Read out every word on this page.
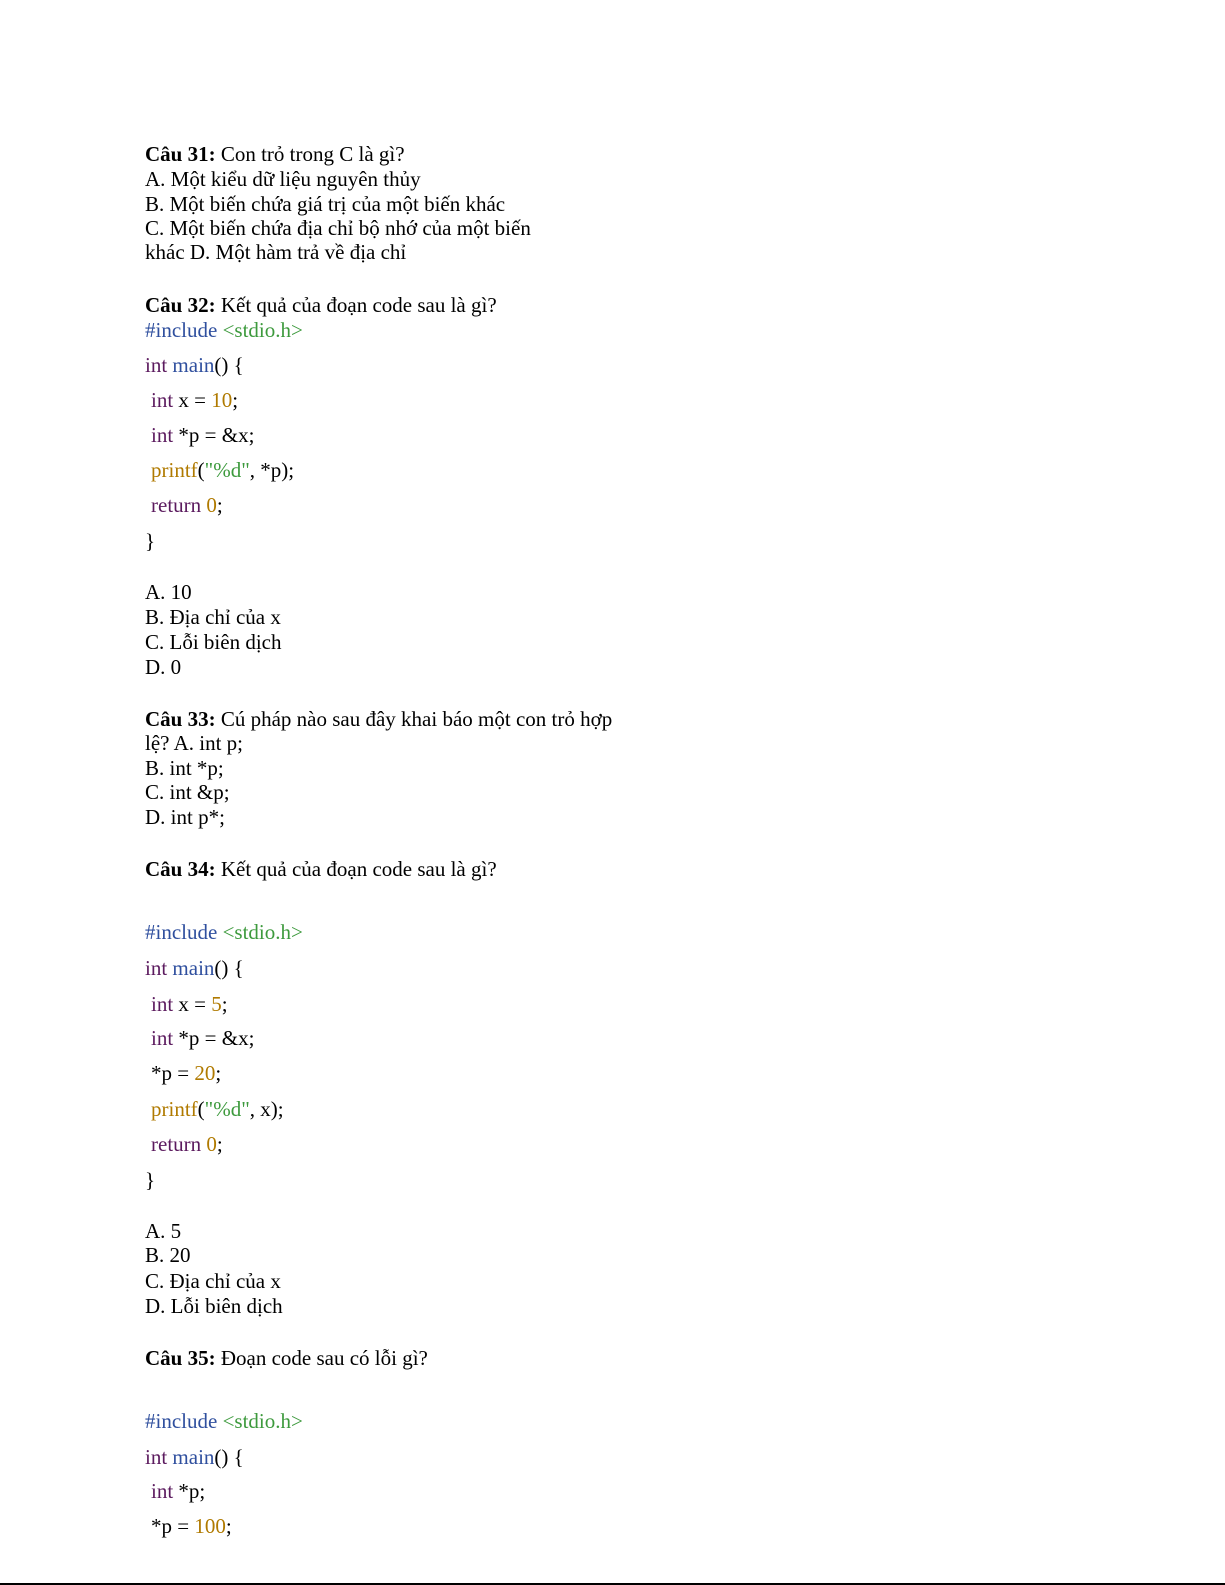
Câu 31: Con trỏ trong C là gì?
A. Một kiểu dữ liệu nguyên thủy
B. Một biến chứa giá trị của một biến khác
C. Một biến chứa địa chỉ bộ nhớ của một biến
khác D. Một hàm trả về địa chỉ
Câu 32: Kết quả của đoạn code sau là gì?
#include <stdio.h>
int main() {
int x = 10;
int *p = &x;
printf("%d", *p);
return 0;
}
A. 10
B. Địa chỉ của x
C. Lỗi biên dịch
D. 0
Câu 33: Cú pháp nào sau đây khai báo một con trỏ hợp
lệ? A. int p;
B. int *p;
C. int &p;
D. int p*;
Câu 34: Kết quả của đoạn code sau là gì?
#include <stdio.h>
int main() {
int x = 5;
int *p = &x;
*p = 20;
printf("%d", x);
return 0;
}
A. 5
B. 20
C. Địa chỉ của x
D. Lỗi biên dịch
Câu 35: Đoạn code sau có lỗi gì?
#include <stdio.h>
int main() {
int *p;
*p = 100;
